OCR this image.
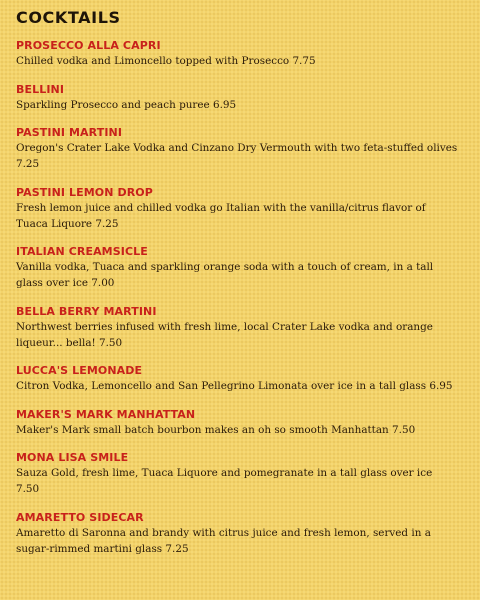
COCKTAILS
PROSECCO ALLA CAPRI
Chilled vodka and Limoncello topped with Prosecco 7.75
BELLINI
Sparkling Prosecco and peach puree 6.95
PASTINI MARTINI
Oregon's Crater Lake Vodka and Cinzano Dry Vermouth with two feta-stuffed olives 7.25
PASTINI LEMON DROP
Fresh lemon juice and chilled vodka go Italian with the vanilla/citrus flavor of Tuaca Liquore 7.25
ITALIAN CREAMSICLE
Vanilla vodka, Tuaca and sparkling orange soda with a touch of cream, in a tall glass over ice 7.00
BELLA BERRY MARTINI
Northwest berries infused with fresh lime, local Crater Lake vodka and orange liqueur... bella! 7.50
LUCCA'S LEMONADE
Citron Vodka, Lemoncello and San Pellegrino Limonata over ice in a tall glass 6.95
MAKER'S MARK MANHATTAN
Maker's Mark small batch bourbon makes an oh so smooth Manhattan 7.50
MONA LISA SMILE
Sauza Gold, fresh lime, Tuaca Liquore and pomegranate in a tall glass over ice 7.50
AMARETTO SIDECAR
Amaretto di Saronna and brandy with citrus juice and fresh lemon, served in a sugar-rimmed martini glass 7.25
